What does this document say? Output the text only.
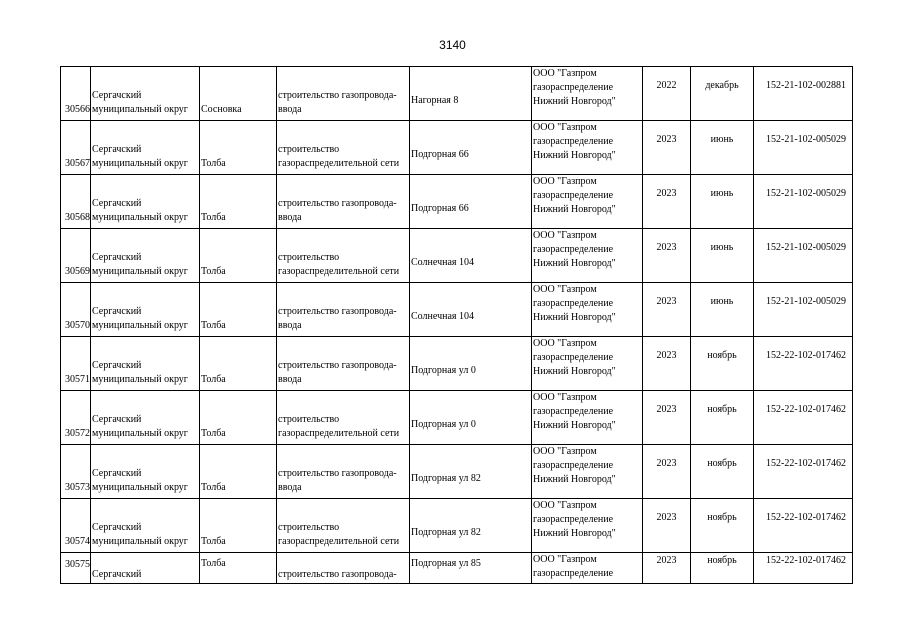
3140
30566	Сергачский
муниципальный округ	Сосновка	строительство газопровода-
ввода	Нагорная 8	ООО "Газпром
газораспределение
Нижний Новгород"	2022	декабрь	152-21-102-002881
30567	Сергачский
муниципальный округ	Толба	строительство
газораспределительной сети	Подгорная 66	ООО "Газпром
газораспределение
Нижний Новгород"	2023	июнь	152-21-102-005029
30568	Сергачский
муниципальный округ	Толба	строительство газопровода-
ввода	Подгорная 66	ООО "Газпром
газораспределение
Нижний Новгород"	2023	июнь	152-21-102-005029
30569	Сергачский
муниципальный округ	Толба	строительство
газораспределительной сети	Солнечная 104	ООО "Газпром
газораспределение
Нижний Новгород"	2023	июнь	152-21-102-005029
30570	Сергачский
муниципальный округ	Толба	строительство газопровода-
ввода	Солнечная 104	ООО "Газпром
газораспределение
Нижний Новгород"	2023	июнь	152-21-102-005029
30571	Сергачский
муниципальный округ	Толба	строительство газопровода-
ввода	Подгорная ул 0	ООО "Газпром
газораспределение
Нижний Новгород"	2023	ноябрь	152-22-102-017462
30572	Сергачский
муниципальный округ	Толба	строительство
газораспределительной сети	Подгорная ул 0	ООО "Газпром
газораспределение
Нижний Новгород"	2023	ноябрь	152-22-102-017462
30573	Сергачский
муниципальный округ	Толба	строительство газопровода-
ввода	Подгорная ул 82	ООО "Газпром
газораспределение
Нижний Новгород"	2023	ноябрь	152-22-102-017462
30574	Сергачский
муниципальный округ	Толба	строительство
газораспределительной сети	Подгорная ул 82	ООО "Газпром
газораспределение
Нижний Новгород"	2023	ноябрь	152-22-102-017462
30575	Сергачский	Толба	строительство газопровода-	Подгорная ул 85	ООО "Газпром
газораспределение	2023	ноябрь	152-22-102-017462
